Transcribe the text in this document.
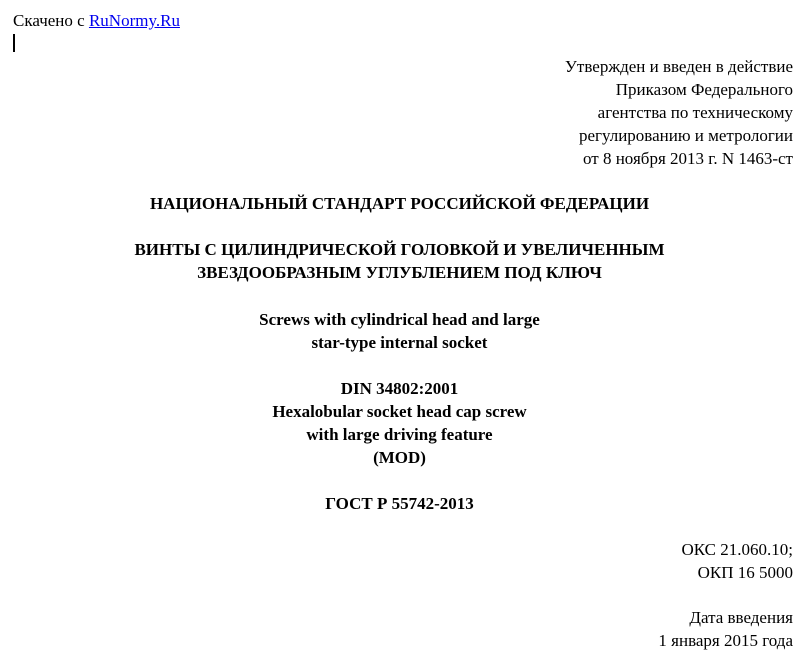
Скачено с RuNormy.Ru
Утвержден и введен в действие
Приказом Федерального
агентства по техническому
регулированию и метрологии
от 8 ноября 2013 г. N 1463-ст
НАЦИОНАЛЬНЫЙ СТАНДАРТ РОССИЙСКОЙ ФЕДЕРАЦИИ
ВИНТЫ С ЦИЛИНДРИЧЕСКОЙ ГОЛОВКОЙ И УВЕЛИЧЕННЫМ
ЗВЕЗДООБРАЗНЫМ УГЛУБЛЕНИЕМ ПОД КЛЮЧ
Screws with cylindrical head and large
star-type internal socket
DIN 34802:2001
Hexalobular socket head cap screw
with large driving feature
(MOD)
ГОСТ Р 55742-2013
ОКС 21.060.10;
ОКП 16 5000
Дата введения
1 января 2015 года
